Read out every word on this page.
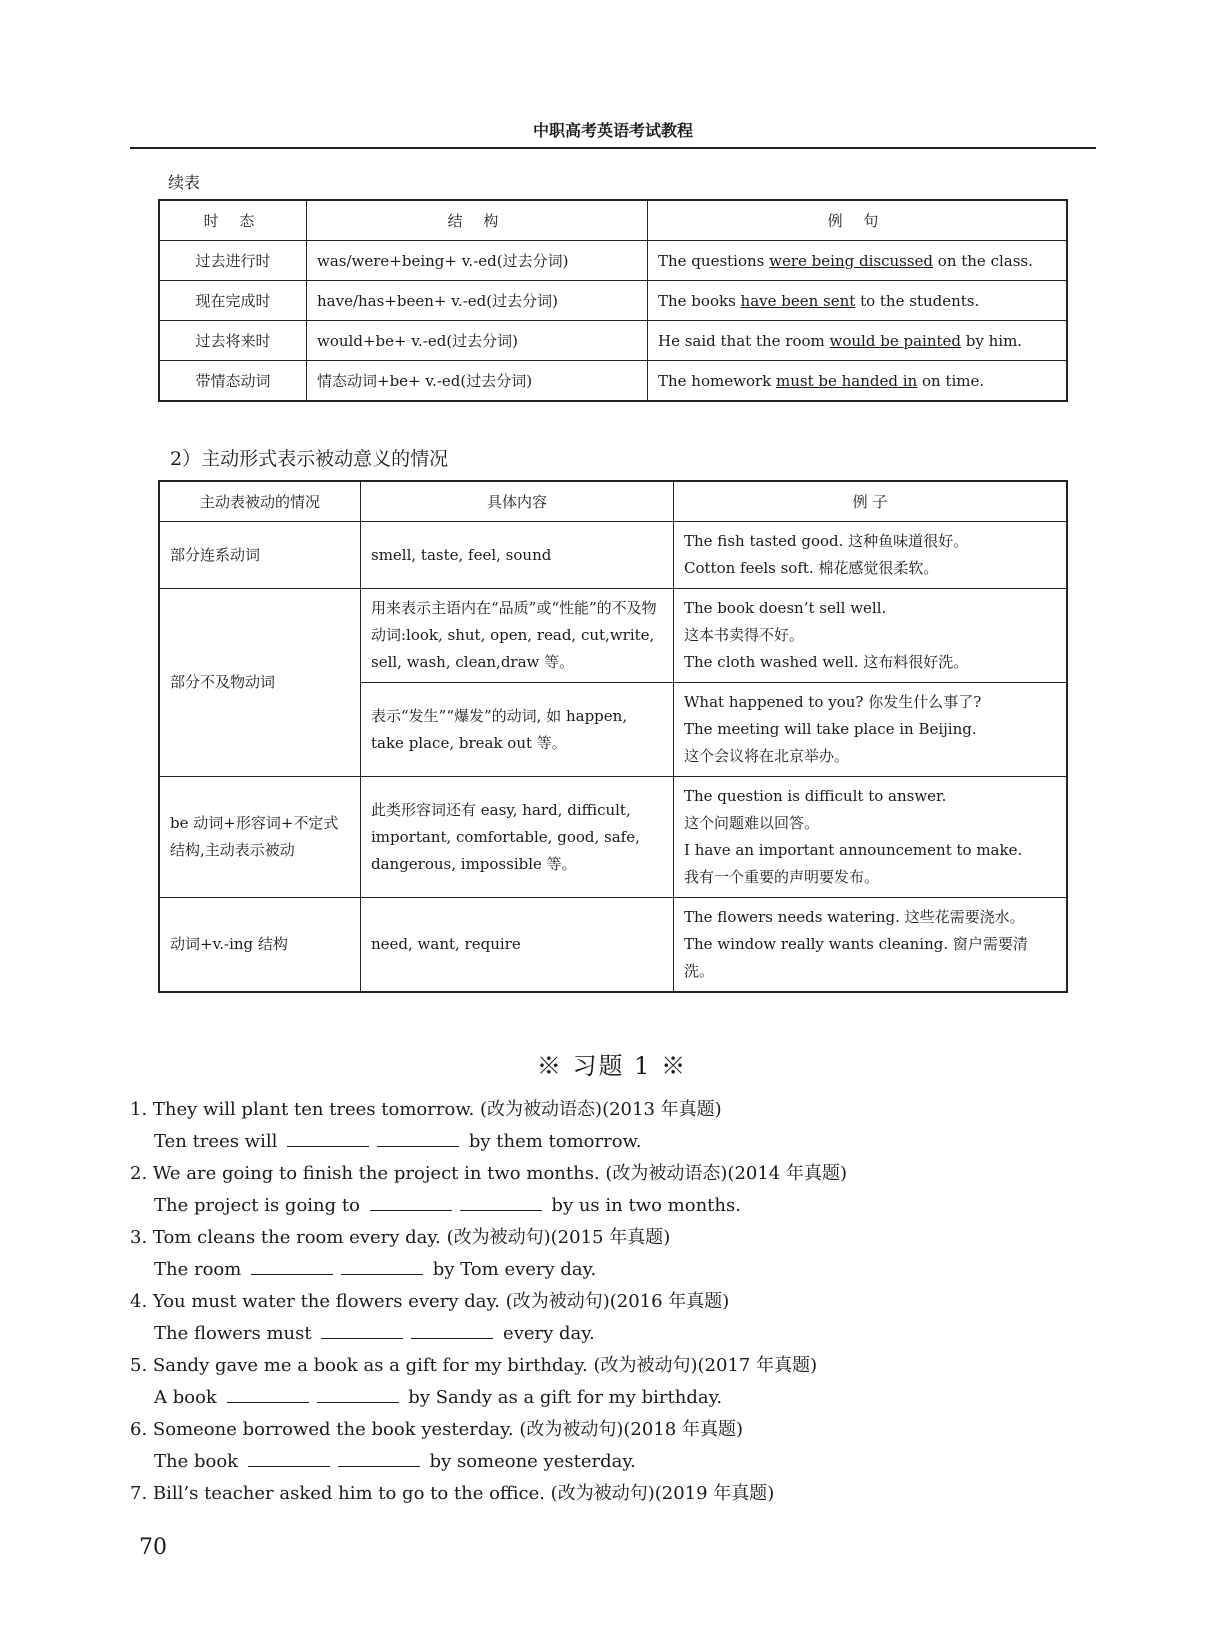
中职高考英语考试教程
续表
时 态	结 构	例 句
过去进行时	was/were+being+ v.-ed(过去分词)	The questions were being discussed on the class.
现在完成时	have/has+been+ v.-ed(过去分词)	The books have been sent to the students.
过去将来时	would+be+ v.-ed(过去分词)	He said that the room would be painted by him.
带情态动词	情态动词+be+ v.-ed(过去分词)	The homework must be handed in on time.
2）主动形式表示被动意义的情况
主动表被动的情况	具体内容	例 子
部分连系动词	smell, taste, feel, sound	The fish tasted good. 这种鱼味道很好。
Cotton feels soft. 棉花感觉很柔软。

部分不及物动词	用来表示主语内在“品质”或“性能”的不及物动词:look, shut, open, read, cut,write, sell, wash, clean,draw 等。	The book doesn’t sell well.
这本书卖得不好。
The cloth washed well. 这布料很好洗。

	表示“发生”“爆发”的动词, 如 happen, take place, break out 等。	What happened to you? 你发生什么事了?
The meeting will take place in Beijing.
这个会议将在北京举办。

be 动词+形容词+不定式结构,主动表示被动	此类形容词还有 easy, hard, difficult, important, comfortable, good, safe, dangerous, impossible 等。	The question is difficult to answer.
这个问题难以回答。
I have an important announcement to make.
我有一个重要的声明要发布。

动词+v.-ing 结构	need, want, require	The flowers needs watering. 这些花需要浇水。
The window really wants cleaning. 窗户需要清洗。
※ 习题 1 ※
1. They will plant ten trees tomorrow. (改为被动语态)(2013 年真题)
Ten trees will	by them tomorrow.
2. We are going to finish the project in two months. (改为被动语态)(2014 年真题)
The project is going to	by us in two months.
3. Tom cleans the room every day. (改为被动句)(2015 年真题)
The room	by Tom every day.
4. You must water the flowers every day. (改为被动句)(2016 年真题)
The flowers must	every day.
5. Sandy gave me a book as a gift for my birthday. (改为被动句)(2017 年真题)
A book	by Sandy as a gift for my birthday.
6. Someone borrowed the book yesterday. (改为被动句)(2018 年真题)
The book	by someone yesterday.
7. Bill’s teacher asked him to go to the office. (改为被动句)(2019 年真题)
70
